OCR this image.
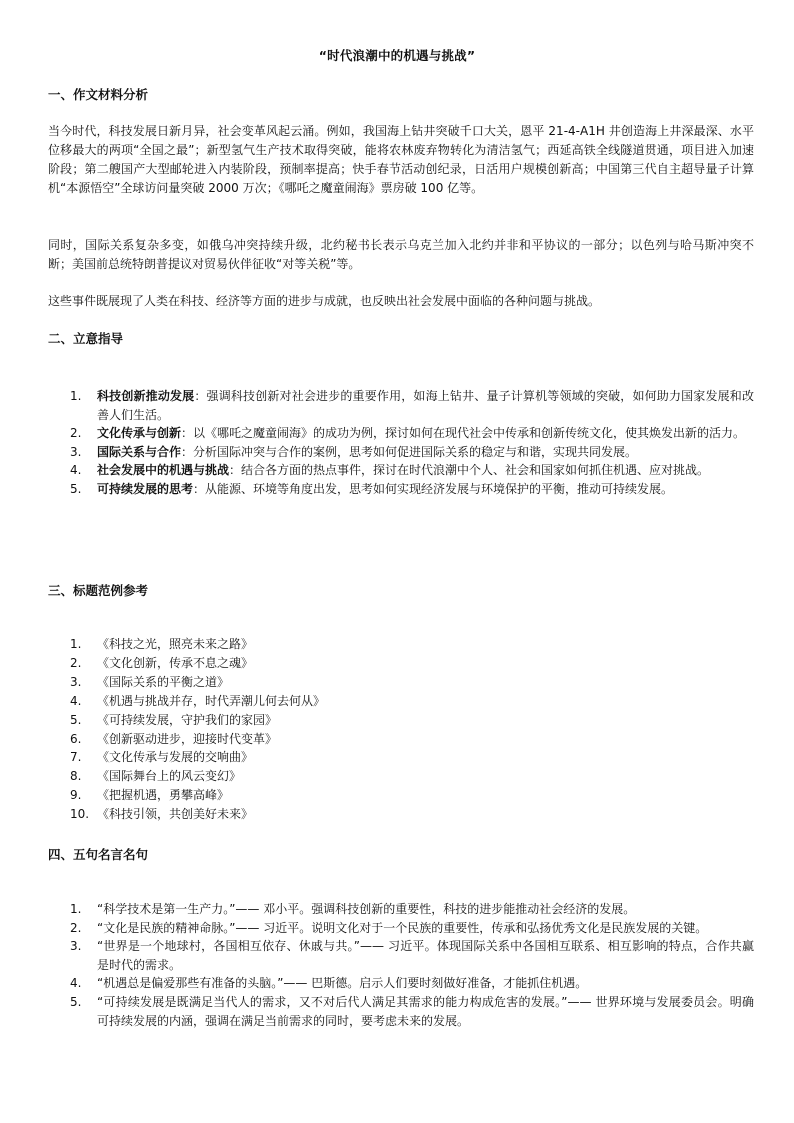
“时代浪潮中的机遇与挑战”
一、作文材料分析
当今时代，科技发展日新月异，社会变革风起云涌。例如，我国海上钻井突破千口大关，恩平 21-4-A1H 井创造海上井深最深、水平位移最大的两项“全国之最”；新型氢气生产技术取得突破，能将农林废弃物转化为清洁氢气；西延高铁全线隧道贯通，项目进入加速阶段；第二艘国产大型邮轮进入内装阶段，预制率提高；快手春节活动创纪录，日活用户规模创新高；中国第三代自主超导量子计算机“本源悟空”全球访问量突破 2000 万次；《哪吒之魔童闹海》票房破 100 亿等。
同时，国际关系复杂多变，如俄乌冲突持续升级，北约秘书长表示乌克兰加入北约并非和平协议的一部分；以色列与哈马斯冲突不断；美国前总统特朗普提议对贸易伙伴征收“对等关税”等。
这些事件既展现了人类在科技、经济等方面的进步与成就，也反映出社会发展中面临的各种问题与挑战。
二、立意指导
1.	科技创新推动发展：强调科技创新对社会进步的重要作用，如海上钻井、量子计算机等领域的突破，如何助力国家发展和改善人们生活。
2.	文化传承与创新：以《哪吒之魔童闹海》的成功为例，探讨如何在现代社会中传承和创新传统文化，使其焕发出新的活力。
3.	国际关系与合作：分析国际冲突与合作的案例，思考如何促进国际关系的稳定与和谐，实现共同发展。
4.	社会发展中的机遇与挑战：结合各方面的热点事件，探讨在时代浪潮中个人、社会和国家如何抓住机遇、应对挑战。
5.	可持续发展的思考：从能源、环境等角度出发，思考如何实现经济发展与环境保护的平衡，推动可持续发展。
三、标题范例参考
1.	《科技之光，照亮未来之路》
2.	《文化创新，传承不息之魂》
3.	《国际关系的平衡之道》
4.	《机遇与挑战并存，时代弄潮儿何去何从》
5.	《可持续发展，守护我们的家园》
6.	《创新驱动进步，迎接时代变革》
7.	《文化传承与发展的交响曲》
8.	《国际舞台上的风云变幻》
9.	《把握机遇，勇攀高峰》
10. 《科技引领，共创美好未来》
四、五句名言名句
1.	“科学技术是第一生产力。”—— 邓小平。强调科技创新的重要性，科技的进步能推动社会经济的发展。
2.	“文化是民族的精神命脉。”—— 习近平。说明文化对于一个民族的重要性，传承和弘扬优秀文化是民族发展的关键。
3.	“世界是一个地球村，各国相互依存、休戚与共。”—— 习近平。体现国际关系中各国相互联系、相互影响的特点，合作共赢是时代的需求。
4.	“机遇总是偏爱那些有准备的头脑。”—— 巴斯德。启示人们要时刻做好准备，才能抓住机遇。
5.	“可持续发展是既满足当代人的需求，又不对后代人满足其需求的能力构成危害的发展。”—— 世界环境与发展委员会。明确可持续发展的内涵，强调在满足当前需求的同时，要考虑未来的发展。
